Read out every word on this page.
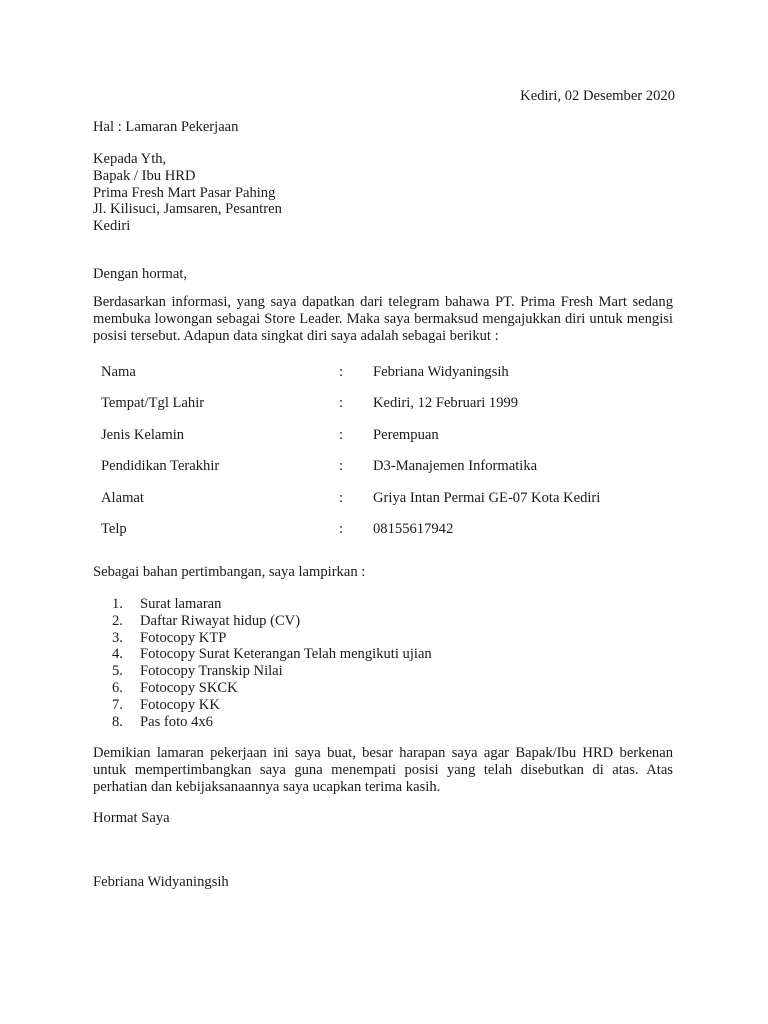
Kediri, 02 Desember 2020
Hal : Lamaran Pekerjaan
Kepada Yth,
Bapak / Ibu HRD
Prima Fresh Mart Pasar Pahing
Jl. Kilisuci, Jamsaren, Pesantren
Kediri
Dengan hormat,
Berdasarkan informasi, yang saya dapatkan dari telegram bahawa PT. Prima Fresh Mart sedang membuka lowongan sebagai Store Leader. Maka saya bermaksud mengajukkan diri untuk mengisi posisi tersebut. Adapun data singkat diri saya adalah sebagai berikut :
Nama	: Febriana Widyaningsih
Tempat/Tgl Lahir	: Kediri, 12 Februari 1999
Jenis Kelamin	: Perempuan
Pendidikan Terakhir	: D3-Manajemen Informatika
Alamat	: Griya Intan Permai GE-07 Kota Kediri
Telp	: 08155617942
Sebagai bahan pertimbangan, saya lampirkan :
1. Surat lamaran
2. Daftar Riwayat hidup (CV)
3. Fotocopy KTP
4. Fotocopy Surat Keterangan Telah mengikuti ujian
5. Fotocopy Transkip Nilai
6. Fotocopy SKCK
7. Fotocopy KK
8. Pas foto 4x6
Demikian lamaran pekerjaan ini saya buat, besar harapan saya agar Bapak/Ibu HRD berkenan untuk mempertimbangkan saya guna menempati posisi yang telah disebutkan di atas. Atas perhatian dan kebijaksanaannya saya ucapkan terima kasih.
Hormat Saya
Febriana Widyaningsih
